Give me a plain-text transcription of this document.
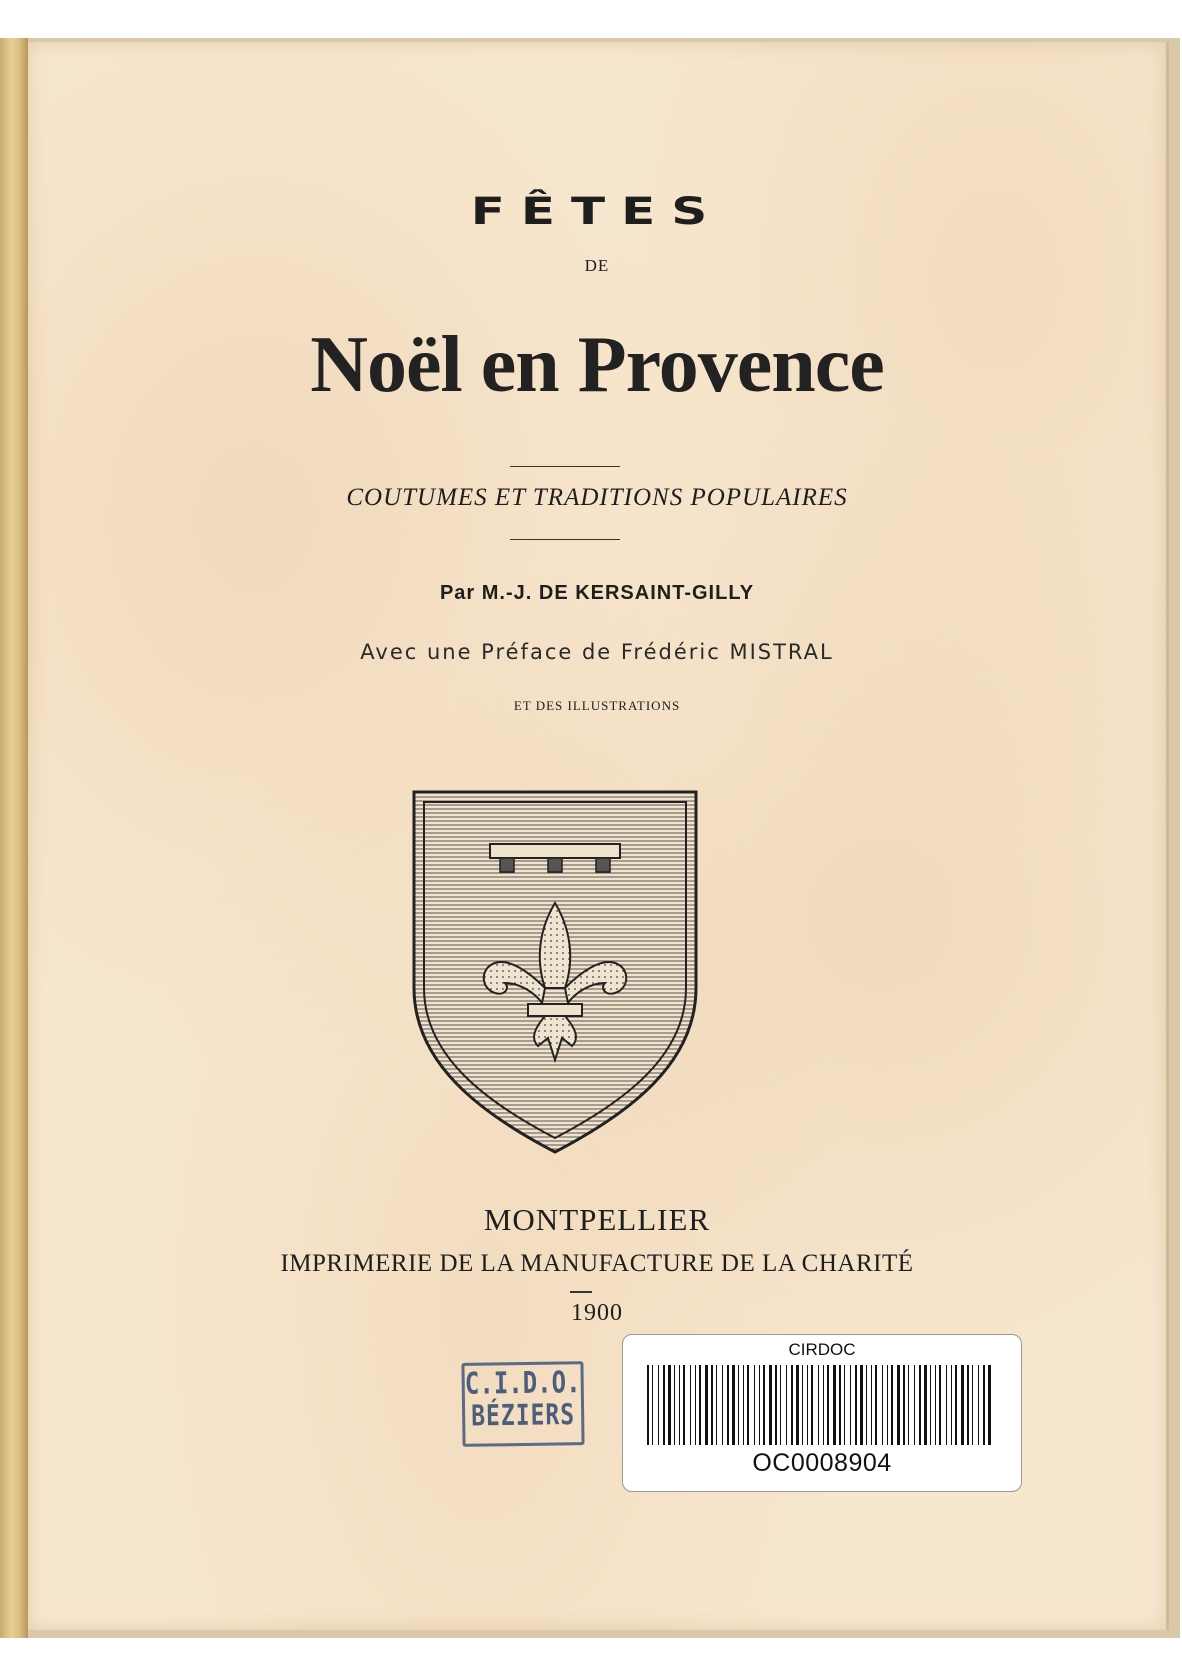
FÊTES
DE
Noël en Provence
COUTUMES ET TRADITIONS POPULAIRES
Par M.-J. DE KERSAINT-GILLY
Avec une Préface de Frédéric MISTRAL
ET DES ILLUSTRATIONS
MONTPELLIER
IMPRIMERIE DE LA MANUFACTURE DE LA CHARITÉ
1900
C.I.D.O.
BÉZIERS
CIRDOC
OC0008904
